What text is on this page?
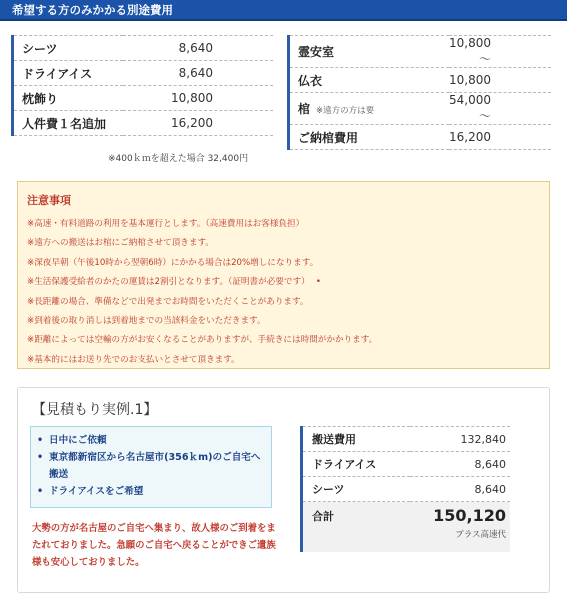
希望する方のみかかる別途費用
シーツ	8,640
ドライアイス	8,640
枕飾り	10,800
人件費１名追加	16,200
霊安室	10,800～
仏衣	10,800
棺 ※遠方の方は要	54,000～
ご納棺費用	16,200
※400ｋｍを超えた場合 32,400円
注意事項
※高速・有料道路の利用を基本運行とします。（高速費用はお客様負担）
※遠方への搬送はお棺にご納棺させて頂きます。
※深夜早朝（午後10時から翌朝6時）にかかる場合は20%増しになります。
※生活保護受給者のかたの運賃は2割引となります。（証明書が必要です） •
※長距離の場合、準備などで出発までお時間をいただくことがあります。
※到着後の取り消しは到着地までの当該料金をいただきます。
※距離によっては空輸の方がお安くなることがありますが、手続きには時間がかかります。
※基本的にはお送り先でのお支払いとさせて頂きます。
【見積もり実例.1】
• 日中にご依頼
• 東京都新宿区から名古屋市(356ｋm)のご自宅へ搬送
• ドライアイスをご希望
大勢の方が名古屋のご自宅へ集まり、故人様のご到着をまたれておりました。急願のご自宅へ戻ることができご遺族様も安心しておりました。
搬送費用	132,840
ドライアイス	8,640
シーツ	8,640
合計	150,120
プラス高速代
